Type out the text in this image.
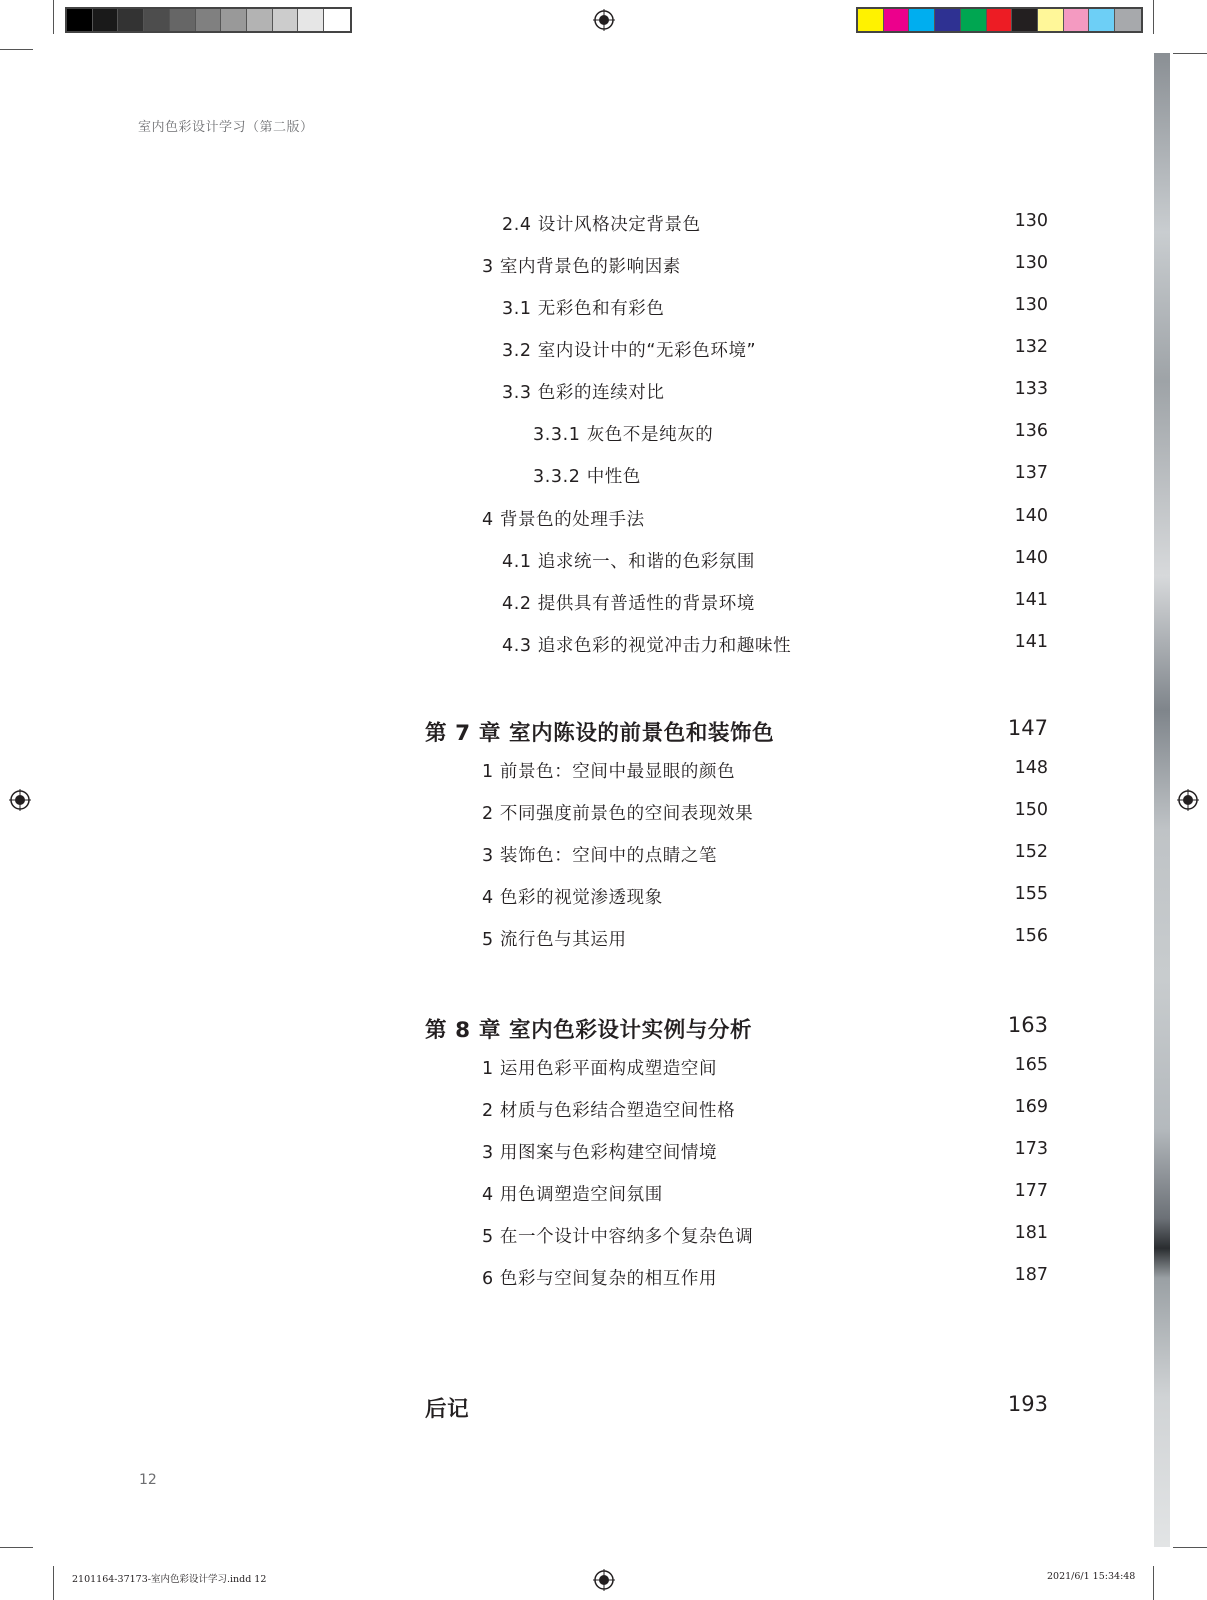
室内色彩设计学习（第二版）
2.4 设计风格决定背景色	130
3 室内背景色的影响因素	130
3.1 无彩色和有彩色	130
3.2 室内设计中的“无彩色环境”	132
3.3 色彩的连续对比	133
3.3.1 灰色不是纯灰的	136
3.3.2 中性色	137
4 背景色的处理手法	140
4.1 追求统一、和谐的色彩氛围	140
4.2 提供具有普适性的背景环境	141
4.3 追求色彩的视觉冲击力和趣味性	141
第 7 章 室内陈设的前景色和装饰色	147
1 前景色：空间中最显眼的颜色	148
2 不同强度前景色的空间表现效果	150
3 装饰色：空间中的点睛之笔	152
4 色彩的视觉渗透现象	155
5 流行色与其运用	156
第 8 章 室内色彩设计实例与分析	163
1 运用色彩平面构成塑造空间	165
2 材质与色彩结合塑造空间性格	169
3 用图案与色彩构建空间情境	173
4 用色调塑造空间氛围	177
5 在一个设计中容纳多个复杂色调	181
6 色彩与空间复杂的相互作用	187
后记	193
12
2101164-37173-室内色彩设计学习.indd 12	2021/6/1 15:34:48
